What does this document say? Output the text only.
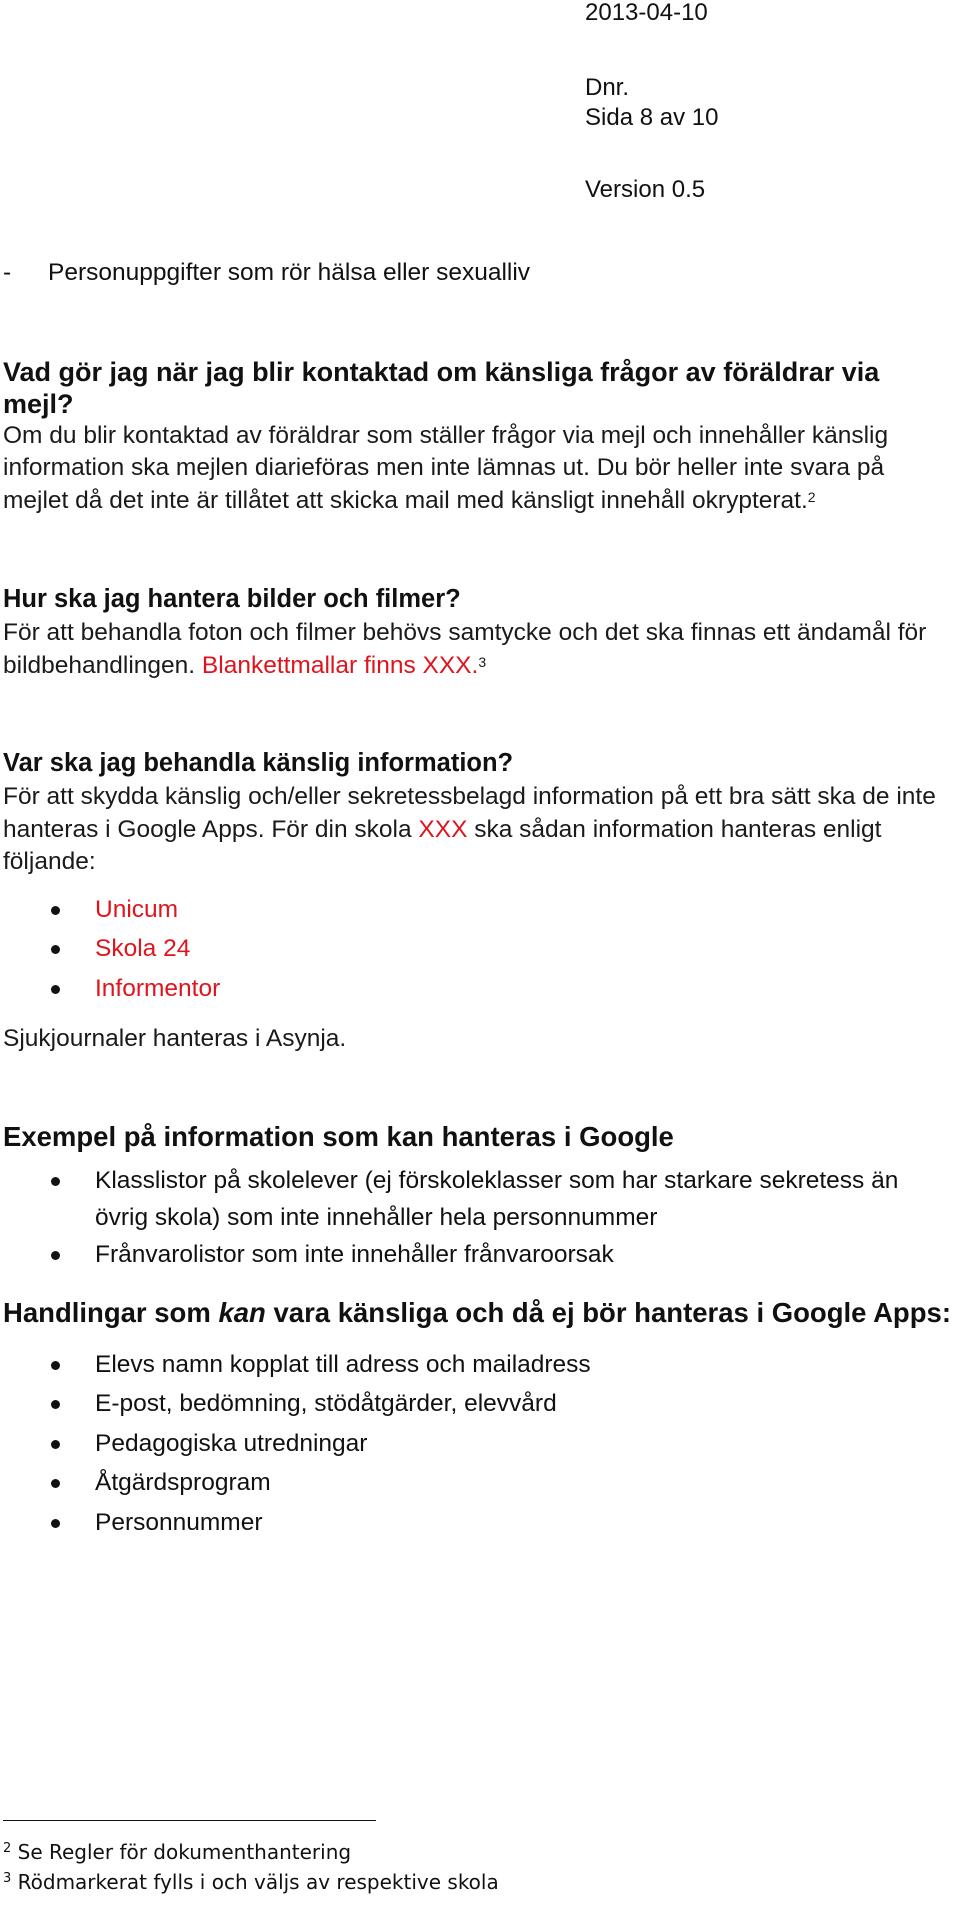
2013-04-10
Dnr.
Sida 8 av 10
Version 0.5
-	Personuppgifter som rör hälsa eller sexualliv
Vad gör jag när jag blir kontaktad om känsliga frågor av föräldrar via mejl?

Om du blir kontaktad av föräldrar som ställer frågor via mejl och innehåller känslig information ska mejlen diarieföras men inte lämnas ut. Du bör heller inte svara på mejlet då det inte är tillåtet att skicka mail med känsligt innehåll okrypterat.$^2$

Hur ska jag hantera bilder och filmer?

För att behandla foton och filmer behövs samtycke och det ska finnas ett ändamål för bildbehandlingen. Blankettmallar finns XXX.$^3$

Var ska jag behandla känslig information?

För att skydda känslig och/eller sekretessbelagd information på ett bra sätt ska de inte hanteras i Google Apps. För din skola XXX ska sådan information hanteras enligt följande:

Unicum
Skola 24
Informentor

Sjukjournaler hanteras i Asynja.

Exempel på information som kan hanteras i Google
Klasslistor på skolelever (ej förskoleklasser som har starkare sekretess än övrig skola) som inte innehåller hela personnummer
Frånvarolistor som inte innehåller frånvaroorsak
Handlingar som kan vara känsliga och då ej bör hanteras i Google Apps:
Elevs namn kopplat till adress och mailadress
E-post, bedömning, stödåtgärder, elevvård
Pedagogiska utredningar
Åtgärdsprogram
Personnummer
$^2$ Se Regler för dokumenthantering
$^3$ Rödmarkerat fylls i och väljs av respektive skola
